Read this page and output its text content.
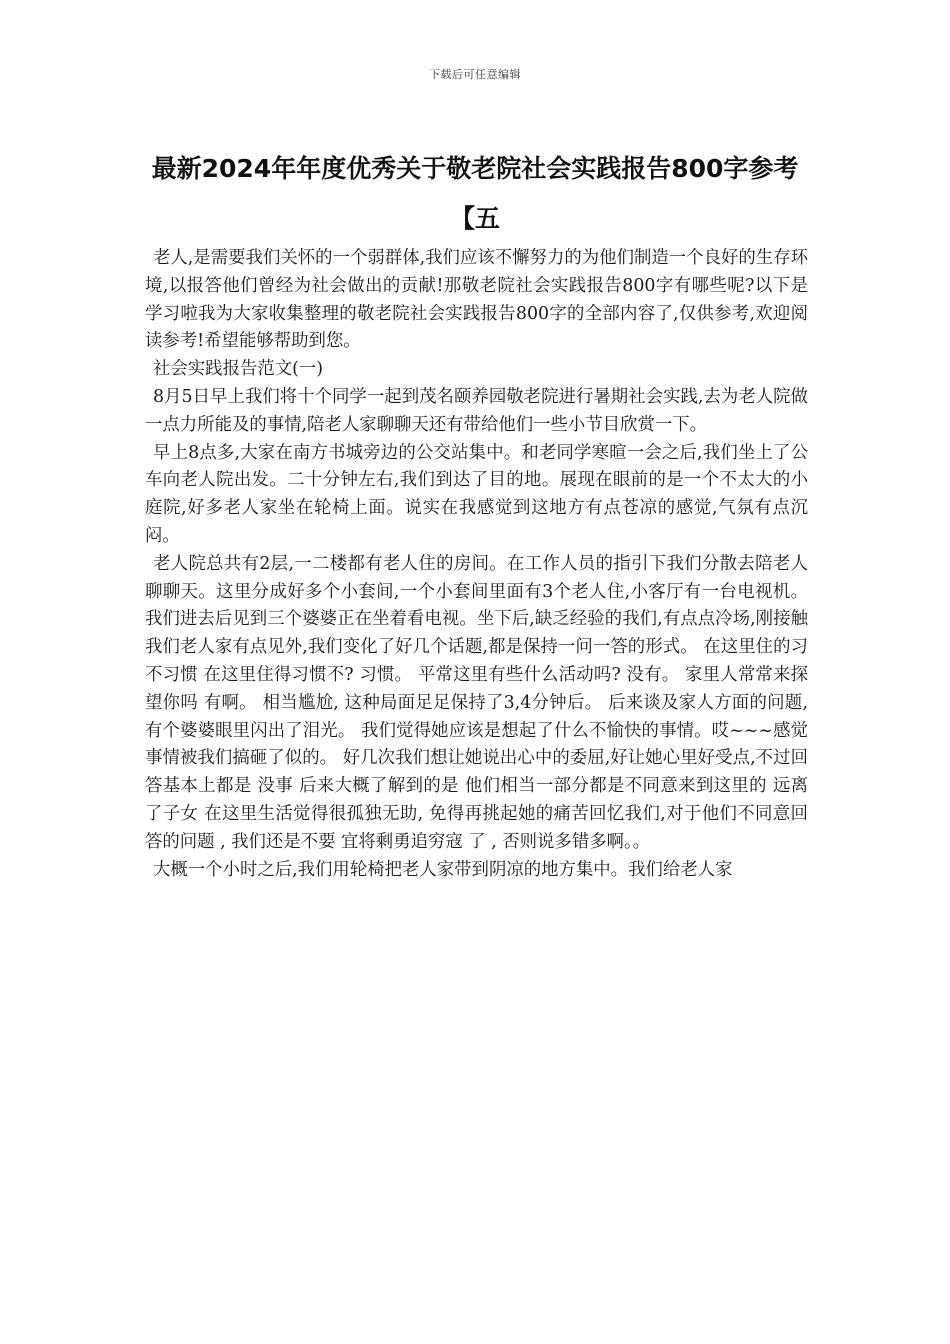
下载后可任意编辑
最新2024年年度优秀关于敬老院社会实践报告800字参考【五

老人,是需要我们关怀的一个弱群体,我们应该不懈努力的为他们制造一个良好的生存环境,以报答他们曾经为社会做出的贡献!那敬老院社会实践报告800字有哪些呢?以下是学习啦我为大家收集整理的敬老院社会实践报告800字的全部内容了,仅供参考,欢迎阅读参考!希望能够帮助到您。

社会实践报告范文(一)

8月5日早上我们将十个同学一起到茂名颐养园敬老院进行暑期社会实践,去为老人院做一点力所能及的事情,陪老人家聊聊天还有带给他们一些小节目欣赏一下。

早上8点多,大家在南方书城旁边的公交站集中。和老同学寒暄一会之后,我们坐上了公车向老人院出发。二十分钟左右,我们到达了目的地。展现在眼前的是一个不太大的小庭院,好多老人家坐在轮椅上面。说实在我感觉到这地方有点苍凉的感觉,气氛有点沉闷。

老人院总共有2层,一二楼都有老人住的房间。在工作人员的指引下我们分散去陪老人聊聊天。这里分成好多个小套间,一个小套间里面有3个老人住,小客厅有一台电视机。我们进去后见到三个婆婆正在坐着看电视。坐下后,缺乏经验的我们,有点点冷场,刚接触我们老人家有点见外,我们变化了好几个话题,都是保持一问一答的形式。 在这里住的习不习惯 在这里住得习惯不? 习惯。 平常这里有些什么活动吗? 没有。 家里人常常来探望你吗 有啊。 相当尴尬, 这种局面足足保持了3,4分钟后。 后来谈及家人方面的问题,有个婆婆眼里闪出了泪光。 我们觉得她应该是想起了什么不愉快的事情。哎~~~感觉事情被我们搞砸了似的。 好几次我们想让她说出心中的委屈,好让她心里好受点,不过回答基本上都是 没事 后来大概了解到的是 他们相当一部分都是不同意来到这里的 远离了子女 在这里生活觉得很孤独无助, 免得再挑起她的痛苦回忆我们,对于他们不同意回答的问题 , 我们还是不要 宜将剩勇追穷寇 了 , 否则说多错多啊。。

大概一个小时之后,我们用轮椅把老人家带到阴凉的地方集中。我们给老人家
